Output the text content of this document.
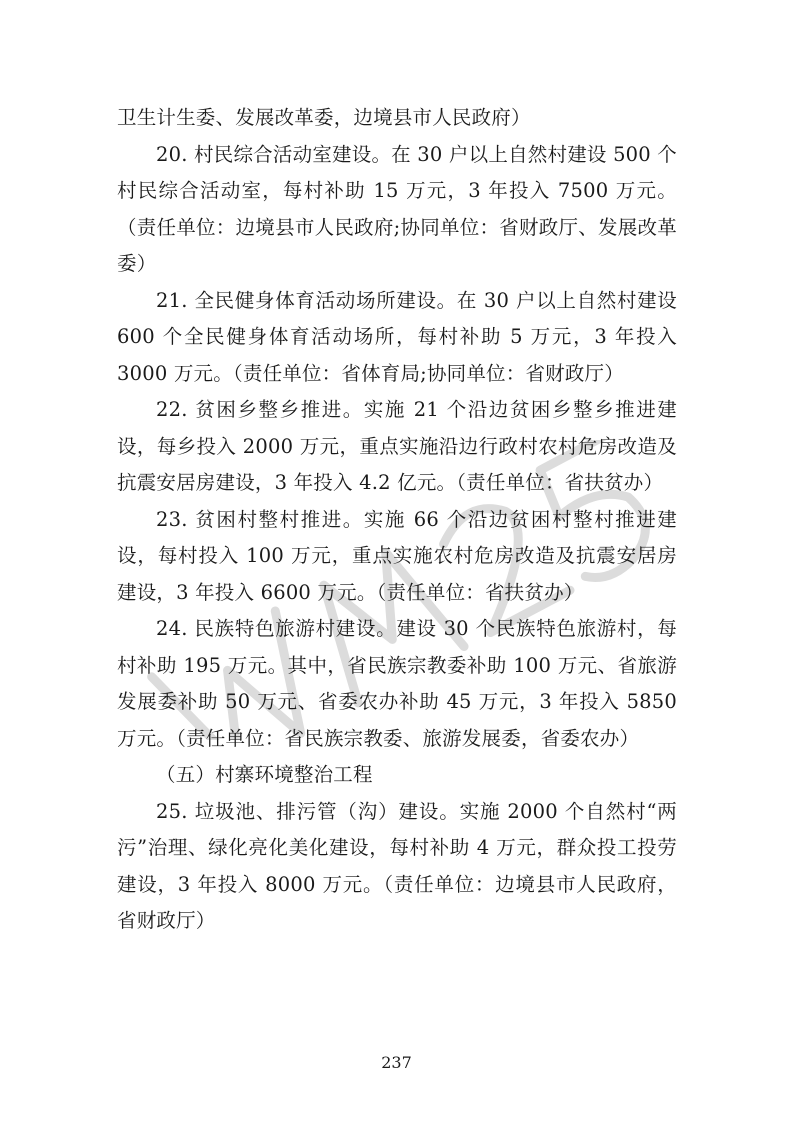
卫生计生委、发展改革委，边境县市人民政府）

20. 村民综合活动室建设。在 30 户以上自然村建设 500 个村民综合活动室，每村补助 15 万元，3 年投入 7500 万元。（责任单位：边境县市人民政府;协同单位：省财政厅、发展改革委）

21. 全民健身体育活动场所建设。在 30 户以上自然村建设 600 个全民健身体育活动场所，每村补助 5 万元，3 年投入 3000 万元。（责任单位：省体育局;协同单位：省财政厅）

22. 贫困乡整乡推进。实施 21 个沿边贫困乡整乡推进建设，每乡投入 2000 万元，重点实施沿边行政村农村危房改造及抗震安居房建设，3 年投入 4.2 亿元。（责任单位：省扶贫办）

23. 贫困村整村推进。实施 66 个沿边贫困村整村推进建设，每村投入 100 万元，重点实施农村危房改造及抗震安居房建设，3 年投入 6600 万元。（责任单位：省扶贫办）

24. 民族特色旅游村建设。建设 30 个民族特色旅游村，每村补助 195 万元。其中，省民族宗教委补助 100 万元、省旅游发展委补助 50 万元、省委农办补助 45 万元，3 年投入 5850 万元。（责任单位：省民族宗教委、旅游发展委，省委农办）

（五）村寨环境整治工程

25. 垃圾池、排污管（沟）建设。实施 2000 个自然村“两污”治理、绿化亮化美化建设，每村补助 4 万元，群众投工投劳建设，3 年投入 8000 万元。（责任单位：边境县市人民政府，省财政厅）

237
